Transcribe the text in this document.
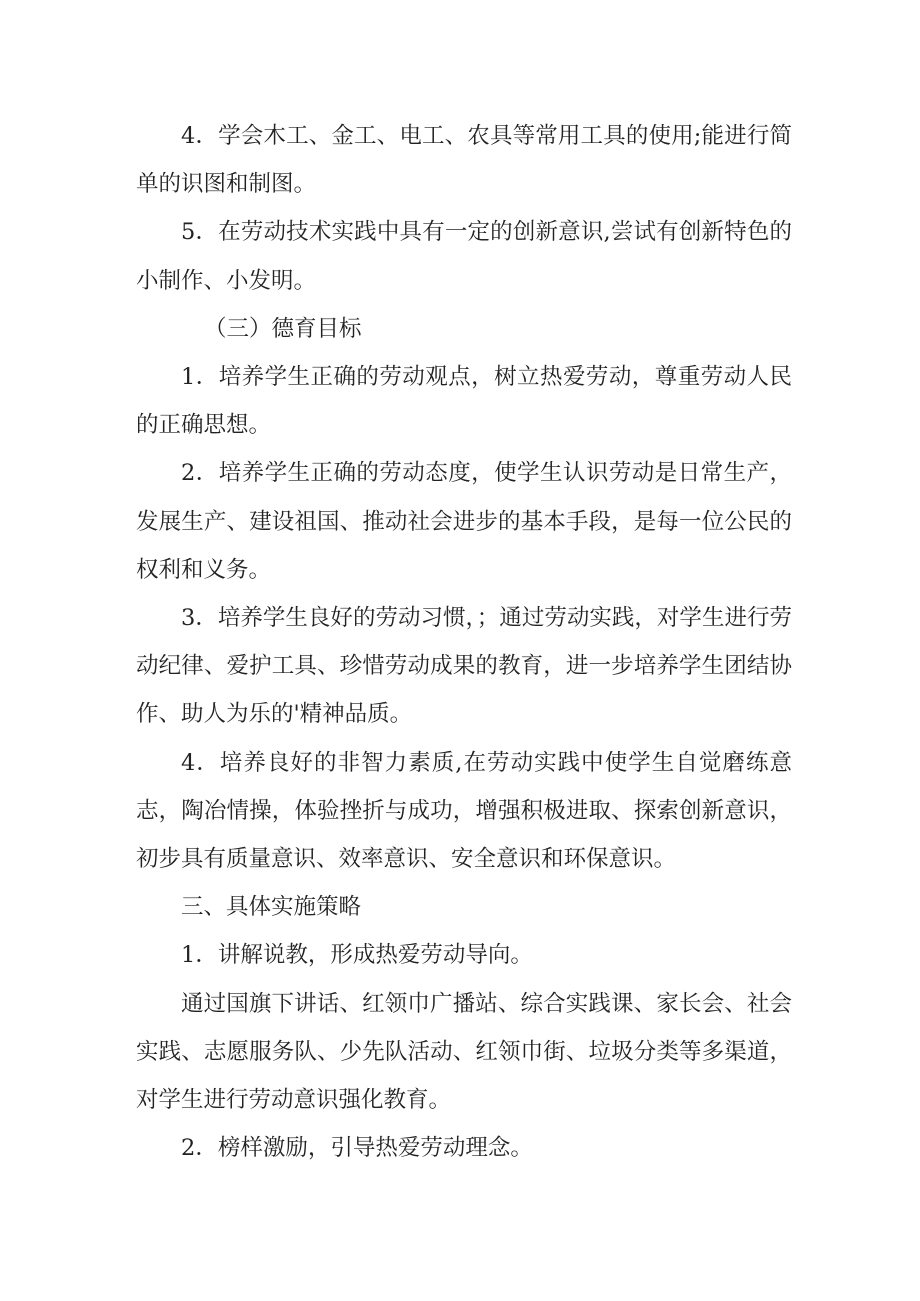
4．学会木工、金工、电工、农具等常用工具的使用;能进行简单的识图和制图。

5．在劳动技术实践中具有一定的创新意识,尝试有创新特色的小制作、小发明。

（三）德育目标

1．培养学生正确的劳动观点，树立热爱劳动，尊重劳动人民的正确思想。

2．培养学生正确的劳动态度，使学生认识劳动是日常生产，发展生产、建设祖国、推动社会进步的基本手段，是每一位公民的权利和义务。

3．培养学生良好的劳动习惯，；通过劳动实践，对学生进行劳动纪律、爱护工具、珍惜劳动成果的教育，进一步培养学生团结协作、助人为乐的'精神品质。

4．培养良好的非智力素质,在劳动实践中使学生自觉磨练意志，陶冶情操，体验挫折与成功，增强积极进取、探索创新意识，初步具有质量意识、效率意识、安全意识和环保意识。

三、具体实施策略

1．讲解说教，形成热爱劳动导向。

通过国旗下讲话、红领巾广播站、综合实践课、家长会、社会实践、志愿服务队、少先队活动、红领巾街、垃圾分类等多渠道，对学生进行劳动意识强化教育。

2．榜样激励，引导热爱劳动理念。
